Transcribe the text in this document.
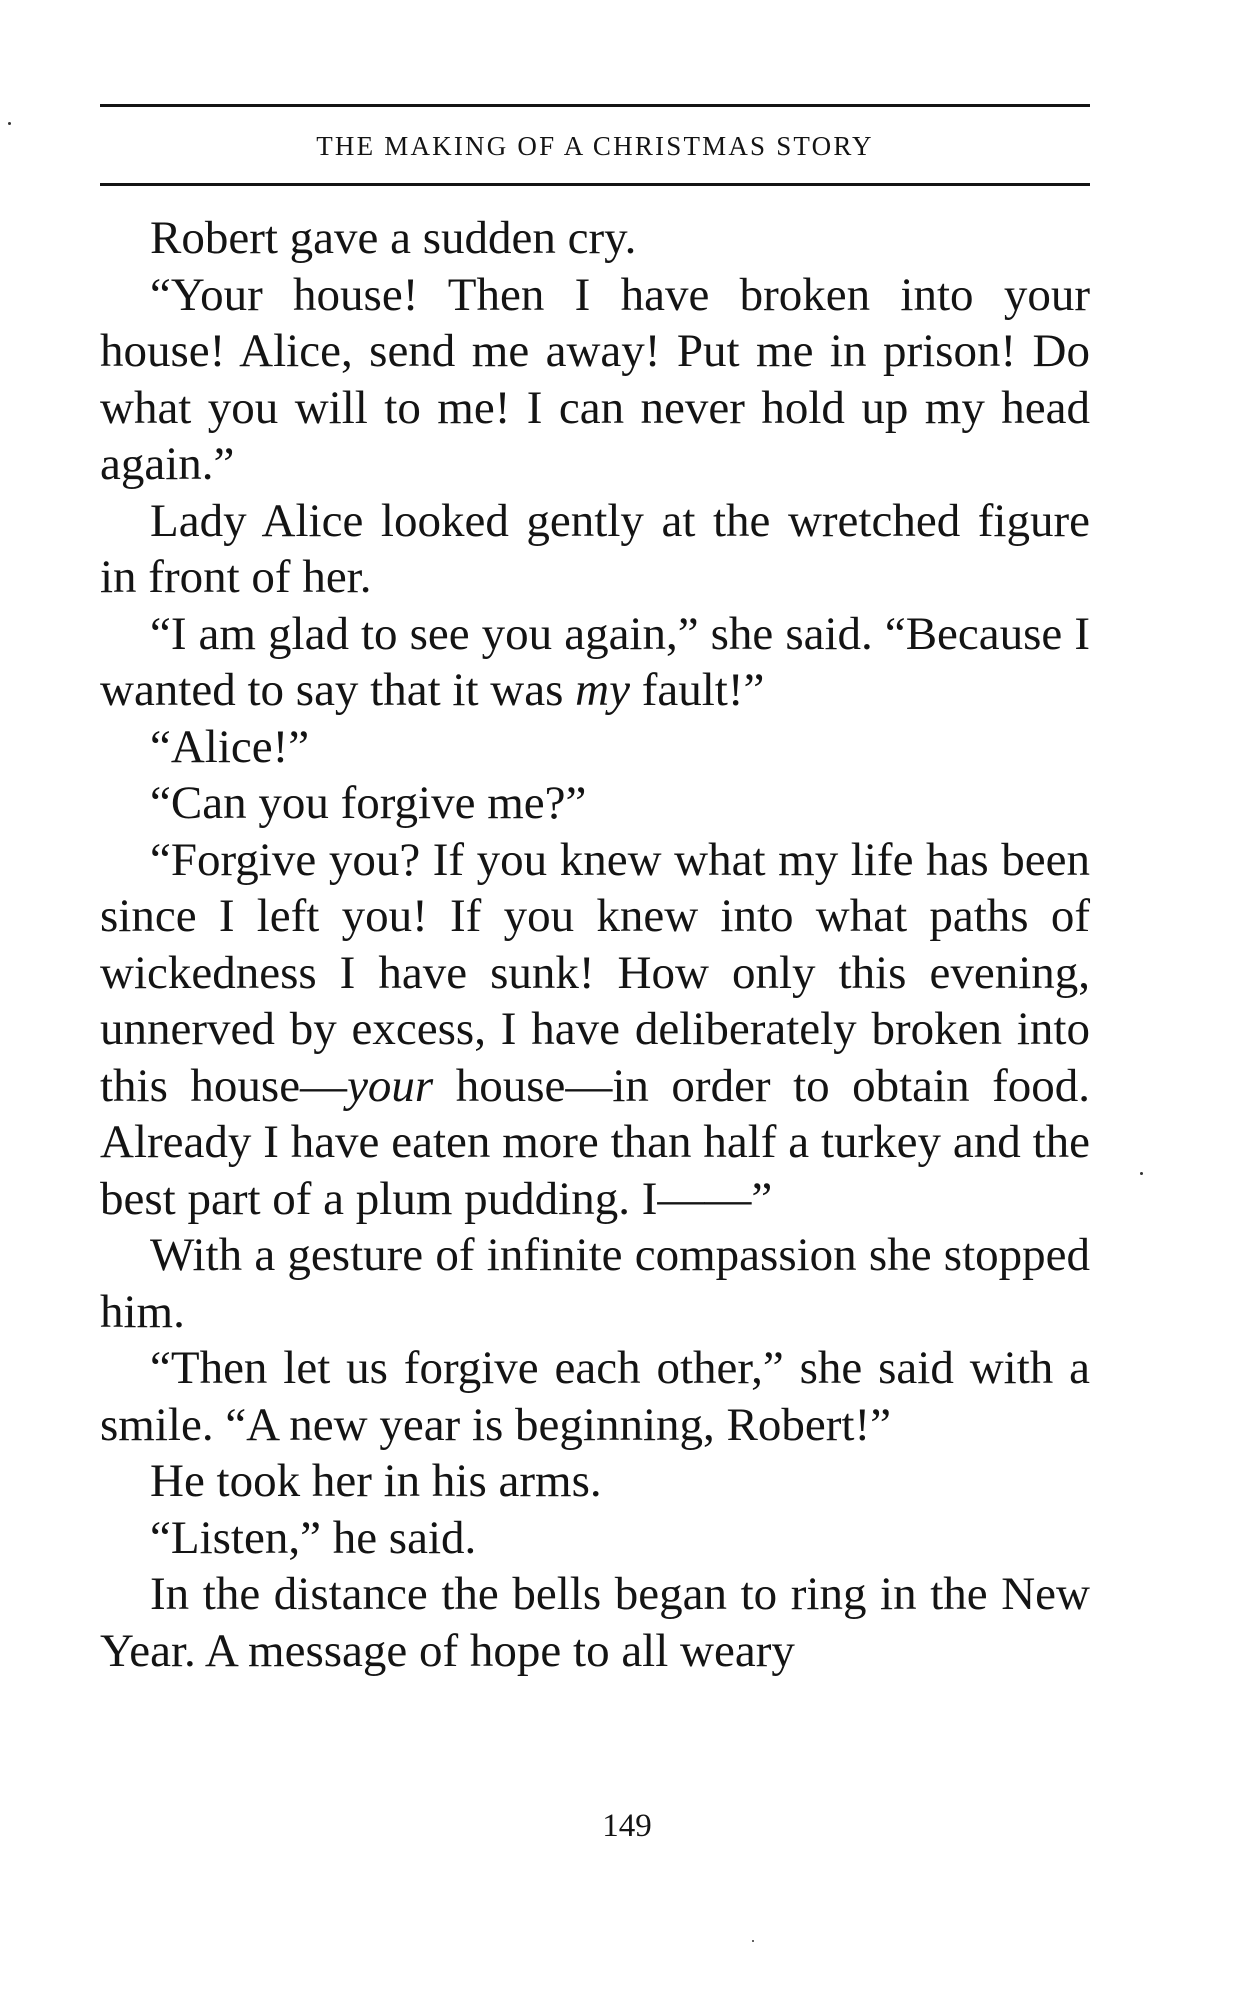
THE MAKING OF A CHRISTMAS STORY

Robert gave a sudden cry.

“Your house! Then I have broken into your house! Alice, send me away! Put me in prison! Do what you will to me! I can never hold up my head again.”

Lady Alice looked gently at the wretched figure in front of her.

“I am glad to see you again,” she said. “Because I wanted to say that it was my fault!”

“Alice!”

“Can you forgive me?”

“Forgive you? If you knew what my life has been since I left you! If you knew into what paths of wickedness I have sunk! How only this evening, unnerved by excess, I have deliberately broken into this house—your house—in order to obtain food. Already I have eaten more than half a turkey and the best part of a plum pudding. I——”

With a gesture of infinite compassion she stopped him.

“Then let us forgive each other,” she said with a smile. “A new year is beginning, Robert!”

He took her in his arms.

“Listen,” he said.

In the distance the bells began to ring in the New Year. A message of hope to all weary

149
